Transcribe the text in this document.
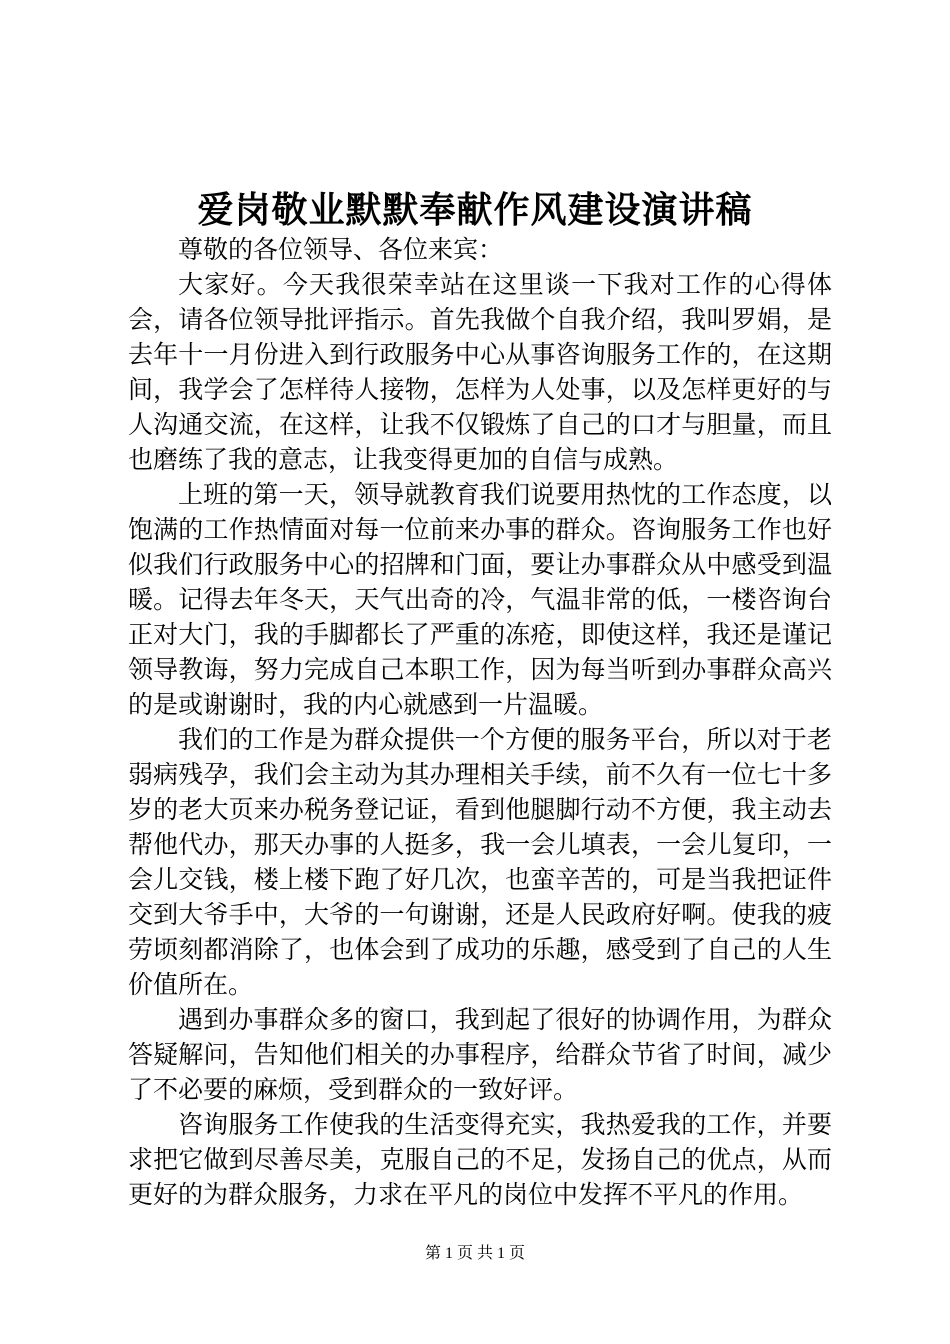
爱岗敬业默默奉献作风建设演讲稿

尊敬的各位领导、各位来宾：

大家好。今天我很荣幸站在这里谈一下我对工作的心得体会，请各位领导批评指示。首先我做个自我介绍，我叫罗娟，是去年十一月份进入到行政服务中心从事咨询服务工作的，在这期间，我学会了怎样待人接物，怎样为人处事，以及怎样更好的与人沟通交流，在这样，让我不仅锻炼了自己的口才与胆量，而且也磨练了我的意志，让我变得更加的自信与成熟。

上班的第一天，领导就教育我们说要用热忱的工作态度，以饱满的工作热情面对每一位前来办事的群众。咨询服务工作也好似我们行政服务中心的招牌和门面，要让办事群众从中感受到温暖。记得去年冬天，天气出奇的冷，气温非常的低，一楼咨询台正对大门，我的手脚都长了严重的冻疮，即使这样，我还是谨记领导教诲，努力完成自己本职工作，因为每当听到办事群众高兴的是或谢谢时，我的内心就感到一片温暖。

我们的工作是为群众提供一个方便的服务平台，所以对于老弱病残孕，我们会主动为其办理相关手续，前不久有一位七十多岁的老大页来办税务登记证，看到他腿脚行动不方便，我主动去帮他代办，那天办事的人挺多，我一会儿填表，一会儿复印，一会儿交钱，楼上楼下跑了好几次，也蛮辛苦的，可是当我把证件交到大爷手中，大爷的一句谢谢，还是人民政府好啊。使我的疲劳顷刻都消除了，也体会到了成功的乐趣，感受到了自己的人生价值所在。

遇到办事群众多的窗口，我到起了很好的协调作用，为群众答疑解问，告知他们相关的办事程序，给群众节省了时间，减少了不必要的麻烦，受到群众的一致好评。

咨询服务工作使我的生活变得充实，我热爱我的工作，并要求把它做到尽善尽美，克服自己的不足，发扬自己的优点，从而更好的为群众服务，力求在平凡的岗位中发挥不平凡的作用。

第 1 页 共 1 页
